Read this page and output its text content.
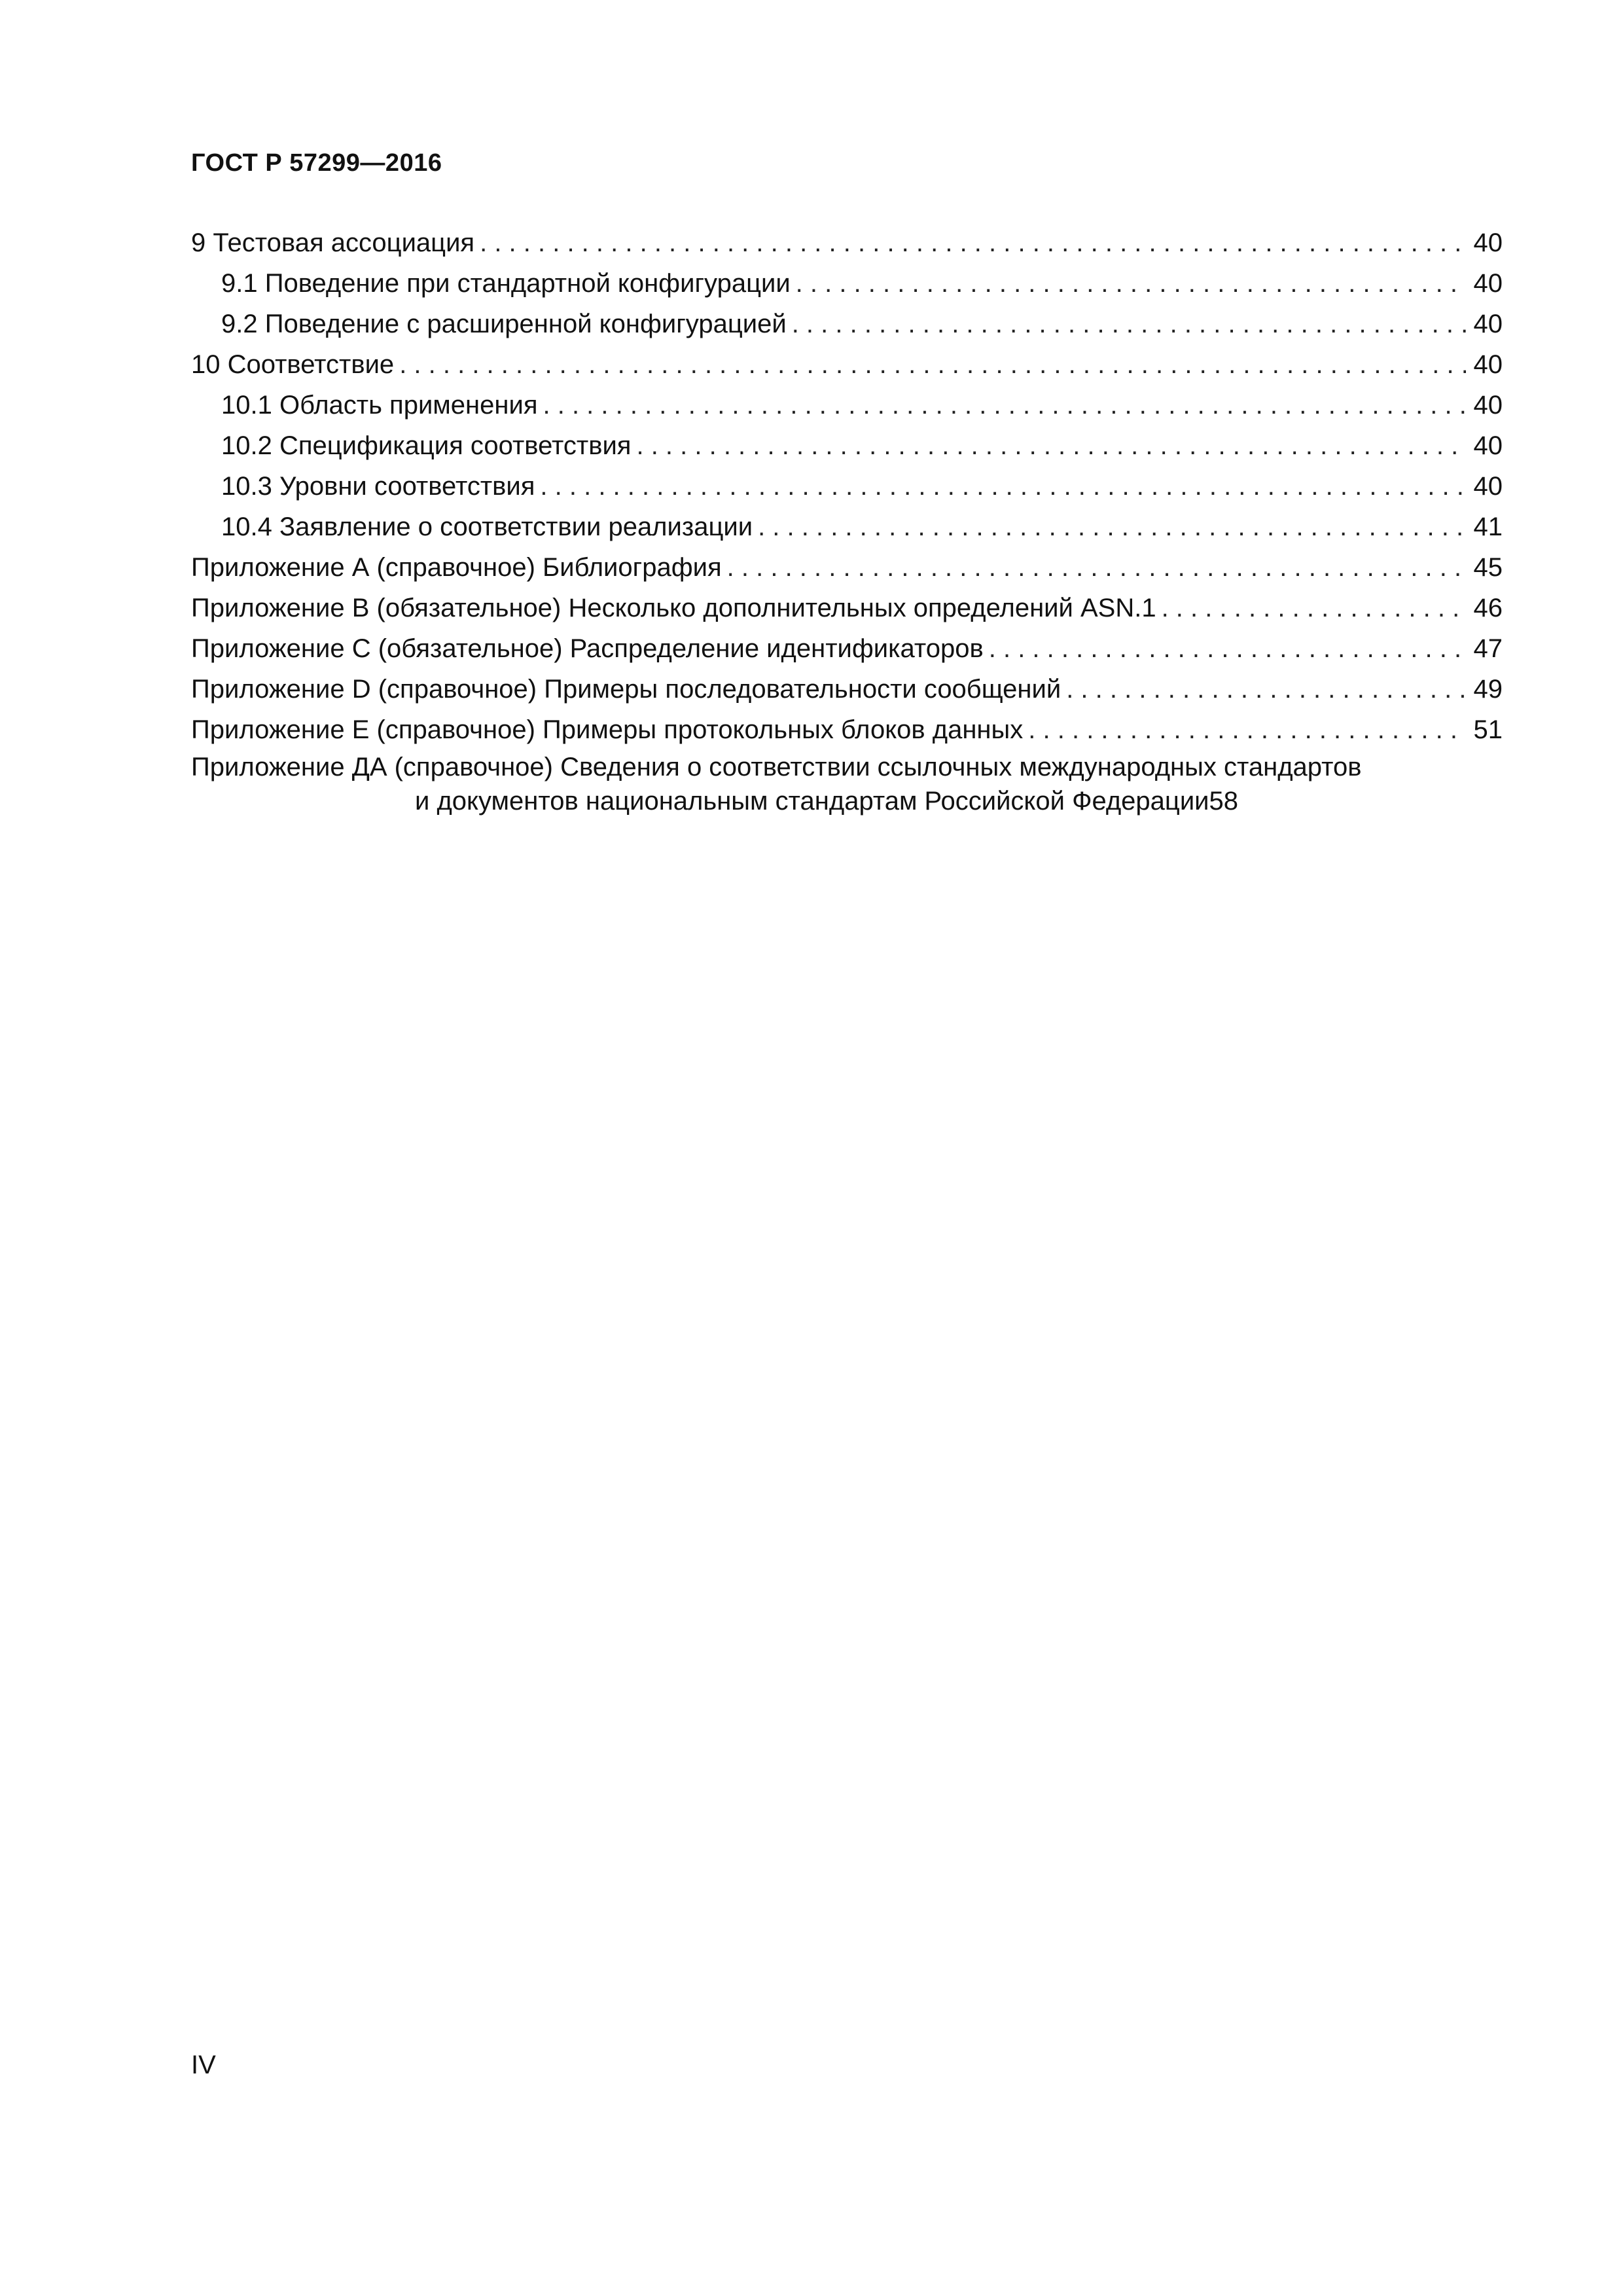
ГОСТ Р 57299—2016
9 Тестовая ассоциация . . .	40
9.1 Поведение при стандартной конфигурации . . .	40
9.2 Поведение с расширенной конфигурацией . . .	40
10 Соответствие . . .	40
10.1 Область применения . . .	40
10.2 Спецификация соответствия . . .	40
10.3 Уровни соответствия . . .	40
10.4 Заявление о соответствии реализации . . .	41
Приложение А (справочное) Библиография . . .	45
Приложение В (обязательное) Несколько дополнительных определений ASN.1 . . .	46
Приложение С (обязательное) Распределение идентификаторов . . .	47
Приложение D (справочное) Примеры последовательности сообщений . . .	49
Приложение Е (справочное) Примеры протокольных блоков данных . . .	51
Приложение ДА (справочное) Сведения о соответствии ссылочных международных стандартов
и документов национальным стандартам Российской Федерации 58
IV
